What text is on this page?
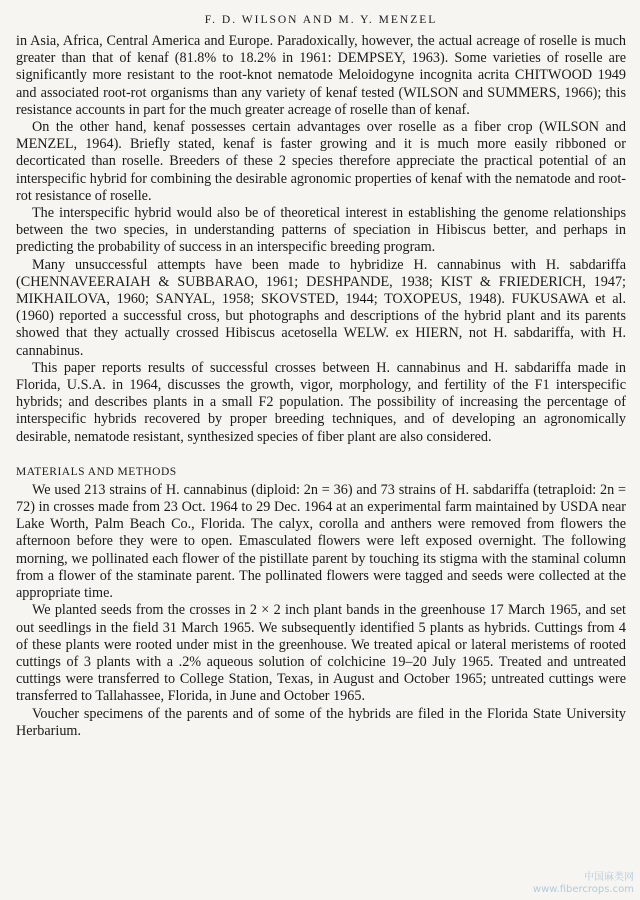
F. D. WILSON AND M. Y. MENZEL

in Asia, Africa, Central America and Europe. Paradoxically, however, the actual acreage of roselle is much greater than that of kenaf (81.8% to 18.2% in 1961: DEMPSEY, 1963). Some varieties of roselle are significantly more resistant to the root-knot nematode Meloidogyne incognita acrita CHITWOOD 1949 and associated root-rot organisms than any variety of kenaf tested (WILSON and SUMMERS, 1966); this resistance accounts in part for the much greater acreage of roselle than of kenaf.

On the other hand, kenaf possesses certain advantages over roselle as a fiber crop (WILSON and MENZEL, 1964). Briefly stated, kenaf is faster growing and it is much more easily ribboned or decorticated than roselle. Breeders of these 2 species therefore appreciate the practical potential of an interspecific hybrid for combining the desirable agronomic properties of kenaf with the nematode and root-rot resistance of roselle.

The interspecific hybrid would also be of theoretical interest in establishing the genome relationships between the two species, in understanding patterns of speciation in Hibiscus better, and perhaps in predicting the probability of success in an interspecific breeding program.

Many unsuccessful attempts have been made to hybridize H. cannabinus with H. sabdariffa (CHENNAVEERAIAH & SUBBARAO, 1961; DESHPANDE, 1938; KIST & FRIEDERICH, 1947; MIKHAILOVA, 1960; SANYAL, 1958; SKOVSTED, 1944; TOXOPEUS, 1948). FUKUSAWA et al. (1960) reported a successful cross, but photographs and descriptions of the hybrid plant and its parents showed that they actually crossed Hibiscus acetosella WELW. ex HIERN, not H. sabdariffa, with H. cannabinus.

This paper reports results of successful crosses between H. cannabinus and H. sabdariffa made in Florida, U.S.A. in 1964, discusses the growth, vigor, morphology, and fertility of the F1 interspecific hybrids; and describes plants in a small F2 population. The possibility of increasing the percentage of interspecific hybrids recovered by proper breeding techniques, and of developing an agronomically desirable, nematode resistant, synthesized species of fiber plant are also considered.

MATERIALS AND METHODS

We used 213 strains of H. cannabinus (diploid: 2n = 36) and 73 strains of H. sabdariffa (tetraploid: 2n = 72) in crosses made from 23 Oct. 1964 to 29 Dec. 1964 at an experimental farm maintained by USDA near Lake Worth, Palm Beach Co., Florida. The calyx, corolla and anthers were removed from flowers the afternoon before they were to open. Emasculated flowers were left exposed overnight. The following morning, we pollinated each flower of the pistillate parent by touching its stigma with the staminal column from a flower of the staminate parent. The pollinated flowers were tagged and seeds were collected at the appropriate time.

We planted seeds from the crosses in 2 × 2 inch plant bands in the greenhouse 17 March 1965, and set out seedlings in the field 31 March 1965. We subsequently identified 5 plants as hybrids. Cuttings from 4 of these plants were rooted under mist in the greenhouse. We treated apical or lateral meristems of rooted cuttings of 3 plants with a .2% aqueous solution of colchicine 19–20 July 1965. Treated and untreated cuttings were transferred to College Station, Texas, in August and October 1965; untreated cuttings were transferred to Tallahassee, Florida, in June and October 1965.

Voucher specimens of the parents and of some of the hybrids are filed in the Florida State University Herbarium.

中国麻类网
www.fibercrops.com
